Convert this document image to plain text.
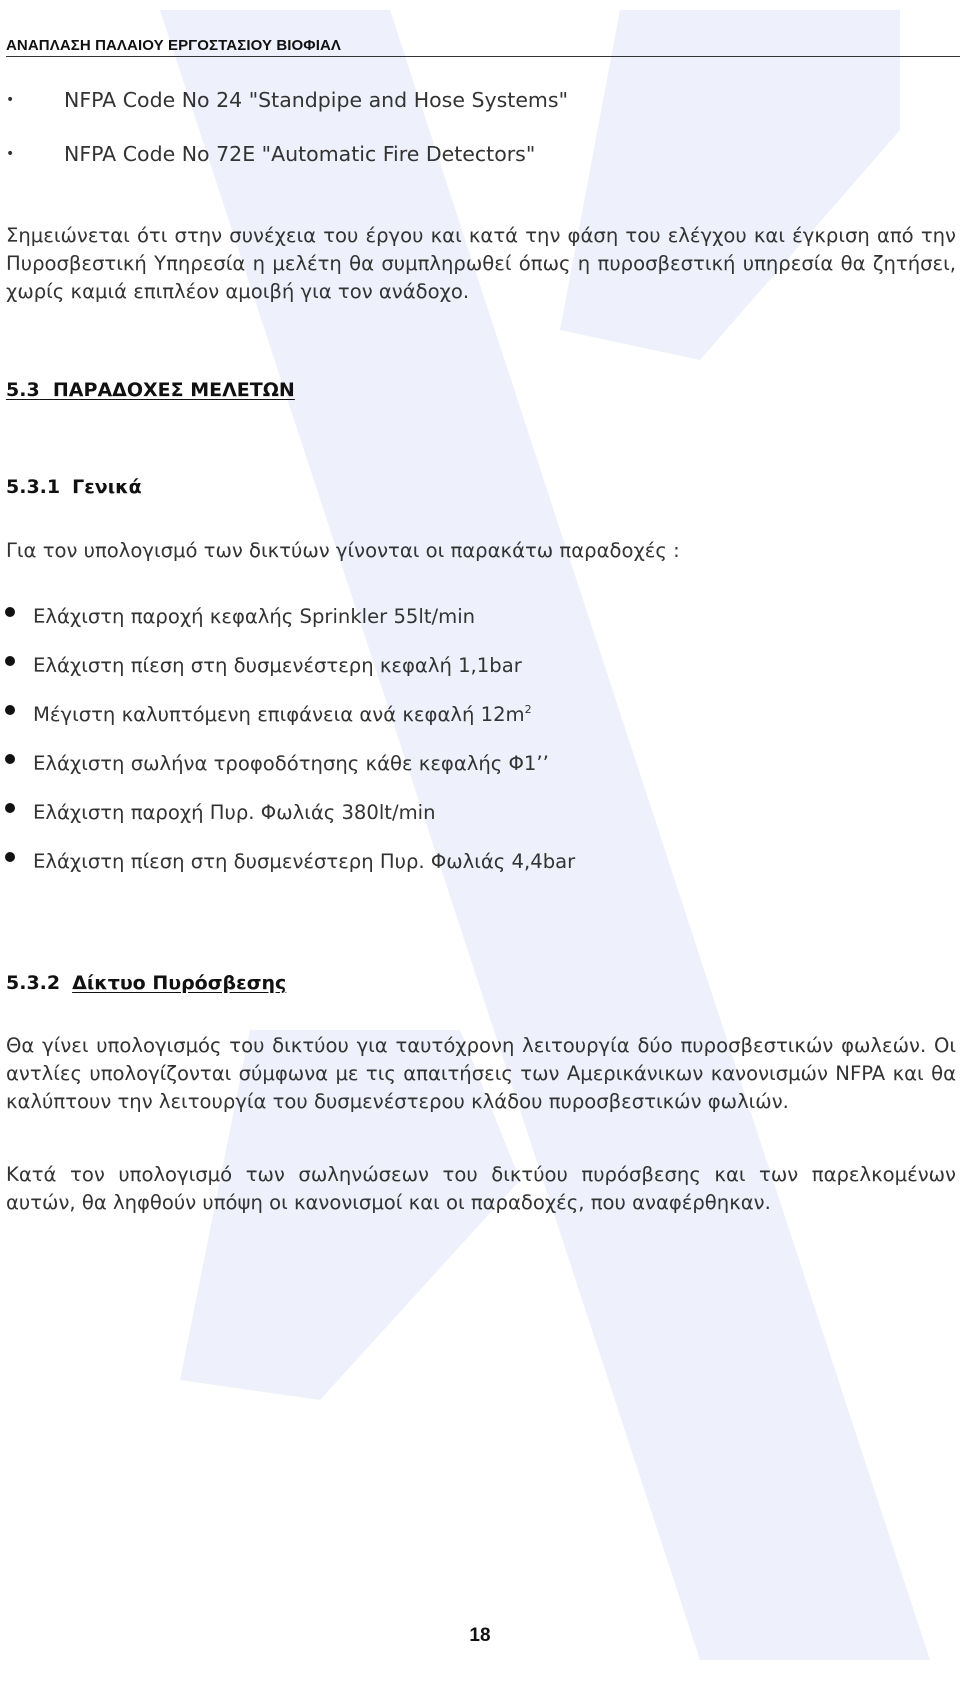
ΑΝΑΠΛΑΣΗ ΠΑΛΑΙΟΥ ΕΡΓΟΣΤΑΣΙΟΥ ΒΙΟΦΙΑΛ
• NFPA Code No 24 "Standpipe and Hose Systems"
• NFPA Code No 72E "Automatic Fire Detectors"
Σημειώνεται ότι στην συνέχεια του έργου και κατά την φάση του ελέγχου και έγκριση από την Πυροσβεστική Υπηρεσία η μελέτη θα συμπληρωθεί όπως η πυροσβεστική υπηρεσία θα ζητήσει, χωρίς καμιά επιπλέον αμοιβή για τον ανάδοχο.
5.3 ΠΑΡΑΔΟΧΕΣ ΜΕΛΕΤΩΝ
5.3.1 Γενικά
Για τον υπολογισμό των δικτύων γίνονται οι παρακάτω παραδοχές :
Ελάχιστη παροχή κεφαλής Sprinkler 55lt/min
Ελάχιστη πίεση στη δυσμενέστερη κεφαλή 1,1bar
Μέγιστη καλυπτόμενη επιφάνεια ανά κεφαλή $12m^2$
Ελάχιστη σωλήνα τροφοδότησης κάθε κεφαλής Φ1’’
Ελάχιστη παροχή Πυρ. Φωλιάς 380lt/min
Ελάχιστη πίεση στη δυσμενέστερη Πυρ. Φωλιάς 4,4bar
5.3.2 Δίκτυο Πυρόσβεσης
Θα γίνει υπολογισμός του δικτύου για ταυτόχρονη λειτουργία δύο πυροσβεστικών φωλεών. Οι αντλίες υπολογίζονται σύμφωνα με τις απαιτήσεις των Αμερικάνικων κανονισμών NFPA και θα καλύπτουν την λειτουργία του δυσμενέστερου κλάδου πυροσβεστικών φωλιών.
Κατά τον υπολογισμό των σωληνώσεων του δικτύου πυρόσβεσης και των παρελκομένων αυτών, θα ληφθούν υπόψη οι κανονισμοί και οι παραδοχές, που αναφέρθηκαν.
18
